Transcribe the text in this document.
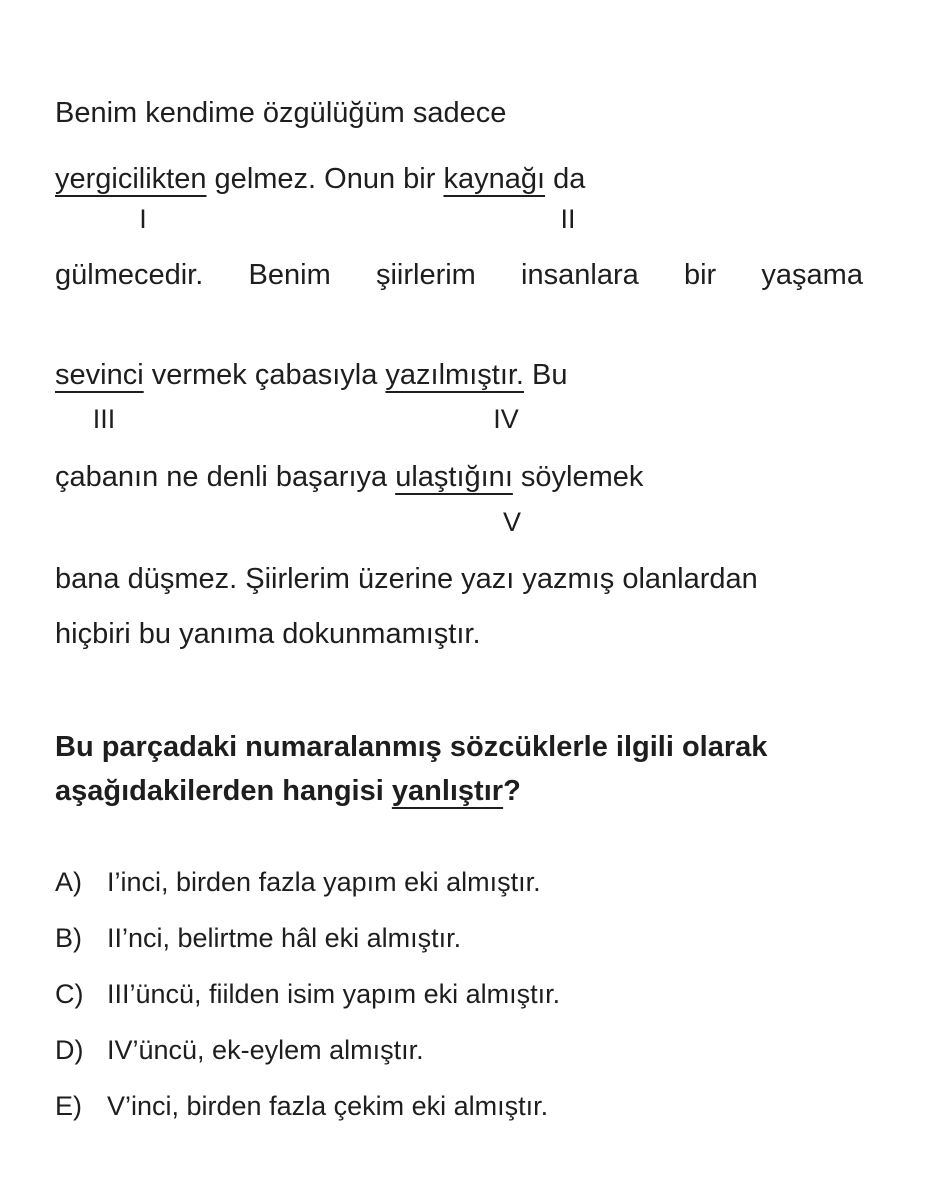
Benim kendime özgülüğüm sadece
yergicilikten gelmez. Onun bir kaynağı da
I	II
gülmecedir. Benim şiirlerim insanlara bir yaşama
sevinci vermek çabasıyla yazılmıştır. Bu
III	IV
çabanın ne denli başarıya ulaştığını söylemek
V
bana düşmez. Şiirlerim üzerine yazı yazmış olanlardan
hiçbiri bu yanıma dokunmamıştır.
Bu parçadaki numaralanmış sözcüklerle ilgili olarak
aşağıdakilerden hangisi yanlıştır?
A) I’inci, birden fazla yapım eki almıştır.
B) II’nci, belirtme hâl eki almıştır.
C) III’üncü, fiilden isim yapım eki almıştır.
D) IV’üncü, ek-eylem almıştır.
E) V’inci, birden fazla çekim eki almıştır.
